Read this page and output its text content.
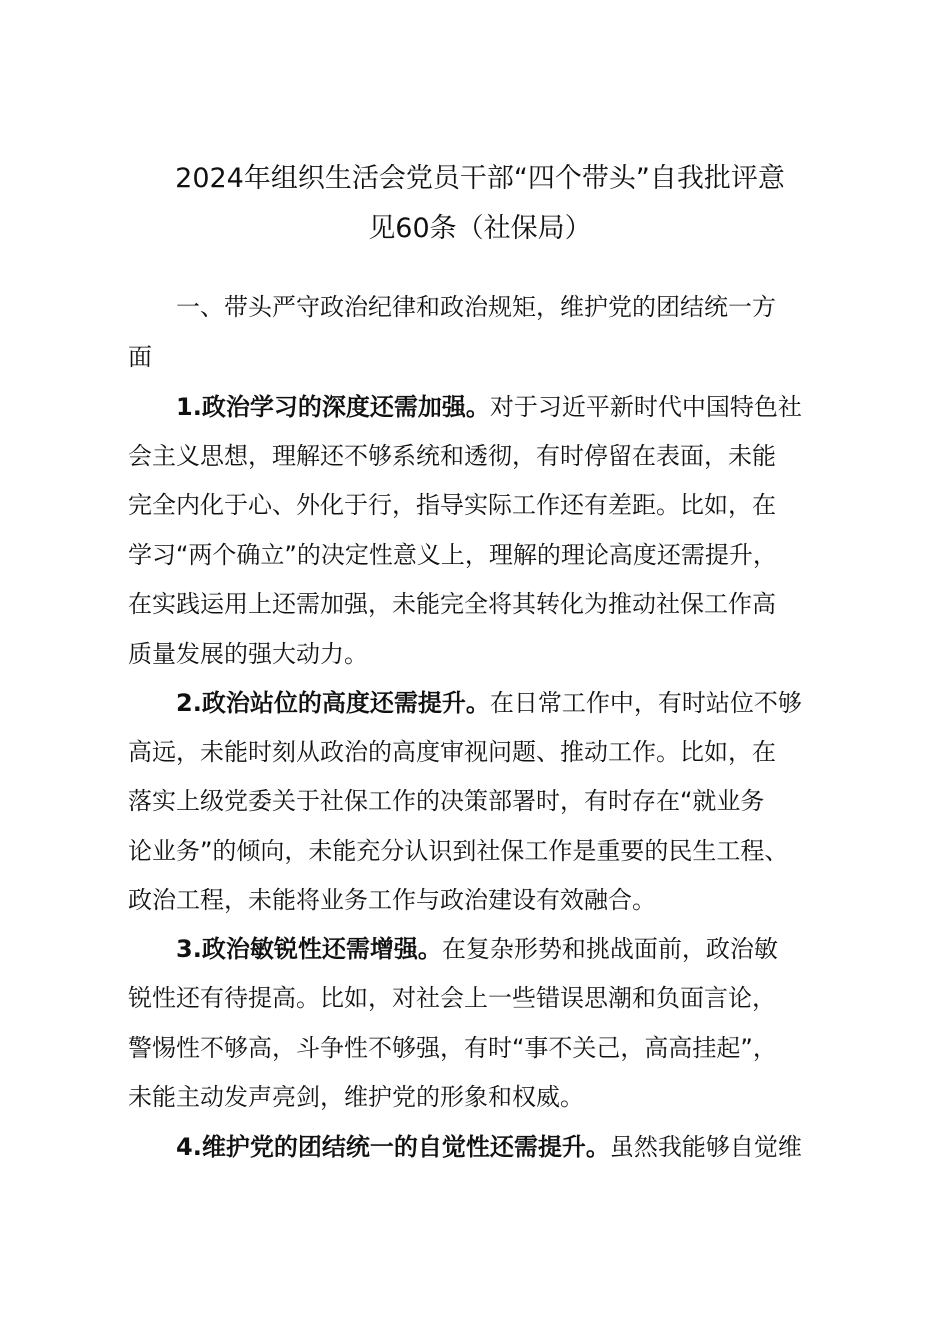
2024年组织生活会党员干部“四个带头”自我批评意
见60条（社保局）
一、带头严守政治纪律和政治规矩，维护党的团结统一方
面
1.政治学习的深度还需加强。对于习近平新时代中国特色社
会主义思想，理解还不够系统和透彻，有时停留在表面，未能
完全内化于心、外化于行，指导实际工作还有差距。比如，在
学习“两个确立”的决定性意义上，理解的理论高度还需提升，
在实践运用上还需加强，未能完全将其转化为推动社保工作高
质量发展的强大动力。
2.政治站位的高度还需提升。在日常工作中，有时站位不够
高远，未能时刻从政治的高度审视问题、推动工作。比如，在
落实上级党委关于社保工作的决策部署时，有时存在“就业务
论业务”的倾向，未能充分认识到社保工作是重要的民生工程、
政治工程，未能将业务工作与政治建设有效融合。
3.政治敏锐性还需增强。在复杂形势和挑战面前，政治敏
锐性还有待提高。比如，对社会上一些错误思潮和负面言论，
警惕性不够高，斗争性不够强，有时“事不关己，高高挂起”，
未能主动发声亮剑，维护党的形象和权威。
4.维护党的团结统一的自觉性还需提升。虽然我能够自觉维
